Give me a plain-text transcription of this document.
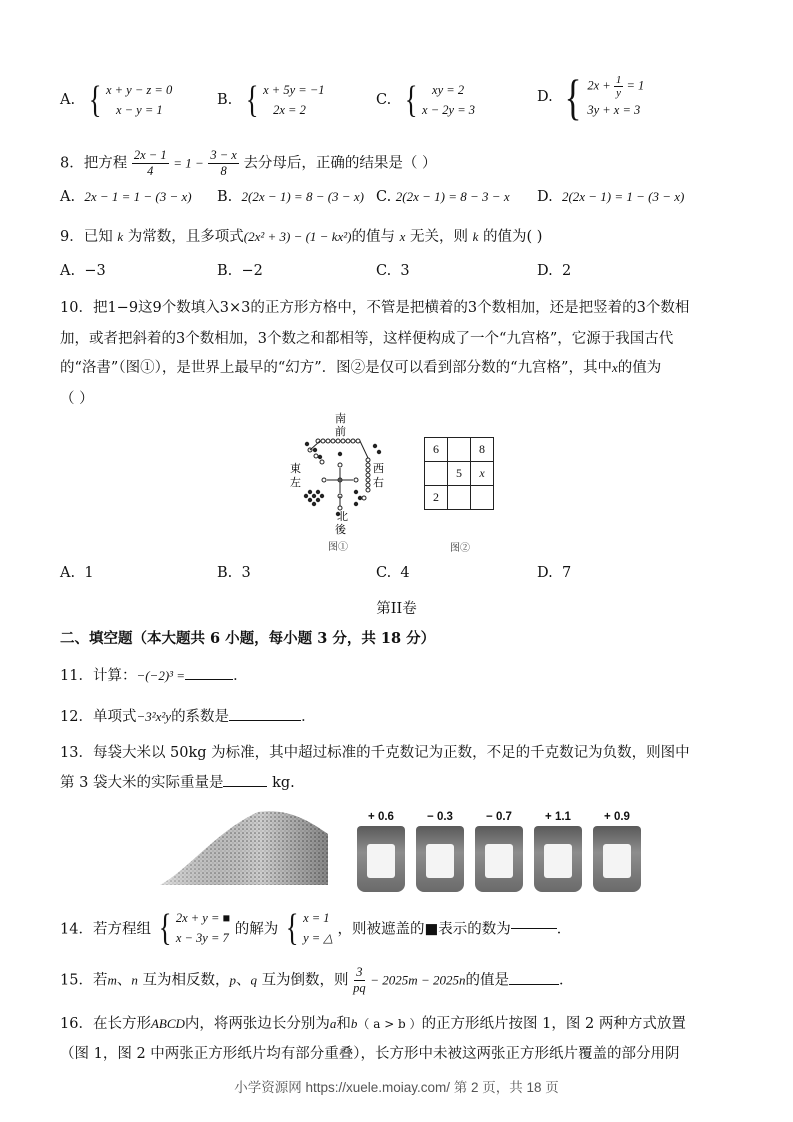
A. { x + y − z = 0
x − y = 1
B. { x + 5y = −1
2x = 2
C. {	xy = 2
x − 2y = 3
D. { $2x + \frac{1}{y} = 1$
3y + x = 3
8．把方程 $\frac{2x - 1}{4} = 1 - \frac{3 - x}{8}$ 去分母后，正确的结果是（ ）
A. 2x − 1 = 1 − (3 − x) B. 2(2x − 1) = 8 − (3 − x) C. 2(2x − 1) = 8 − 3 − x D. 2(2x − 1) = 1 − (3 − x)
9．已知 k 为常数，且多项式(2x² + 3) − (1 − kx²)的值与 x 无关，则 k 的值为( )
A. −3	B. −2	C. 3	D. 2
10．把1−9这9个数填入3×3的正方形方格中，不管是把横着的3个数相加，还是把竖着的3个数相
加，或者把斜着的3个数相加，3个数之和都相等，这样便构成了一个“九宫格”，它源于我国古代
的“洛書”（图①），是世界上最早的“幻方”．图②是仅可以看到部分数的“九宫格”，其中x的值为
（ ）
南
前
東
左
西
右
北
後
图①
6		8
	5	x
2		
图②
A. 1	B. 3	C. 4	D. 7
第II卷
二、填空题（本大题共 6 小题，每小题 3 分，共 18 分）
11．计算：−(−2)³ =	．
12．单项式−3²x²y的系数是	．
13．每袋大米以 50kg 为标准，其中超过标准的千克数记为正数，不足的千克数记为负数，则图中
第 3 袋大米的实际重量是	kg.
+ 0.6	− 0.3	− 0.7	+ 1.1	+ 0.9
14．若方程组 { 2x + y = ■
x − 3y = 7
的解为 { x = 1
y = △
，则被遮盖的■表示的数为	．
15．若m、n 互为相反数，p、q 互为倒数，则 $\frac{3}{pq} - 2025m - 2025n$的值是	．
16．在长方形ABCD内，将两张边长分别为a和b（ a > b ）的正方形纸片按图 1，图 2 两种方式放置
（图 1，图 2 中两张正方形纸片均有部分重叠），长方形中未被这两张正方形纸片覆盖的部分用阴
小学资源网 https://xuele.moiay.com/ 第 2 页，共 18 页
